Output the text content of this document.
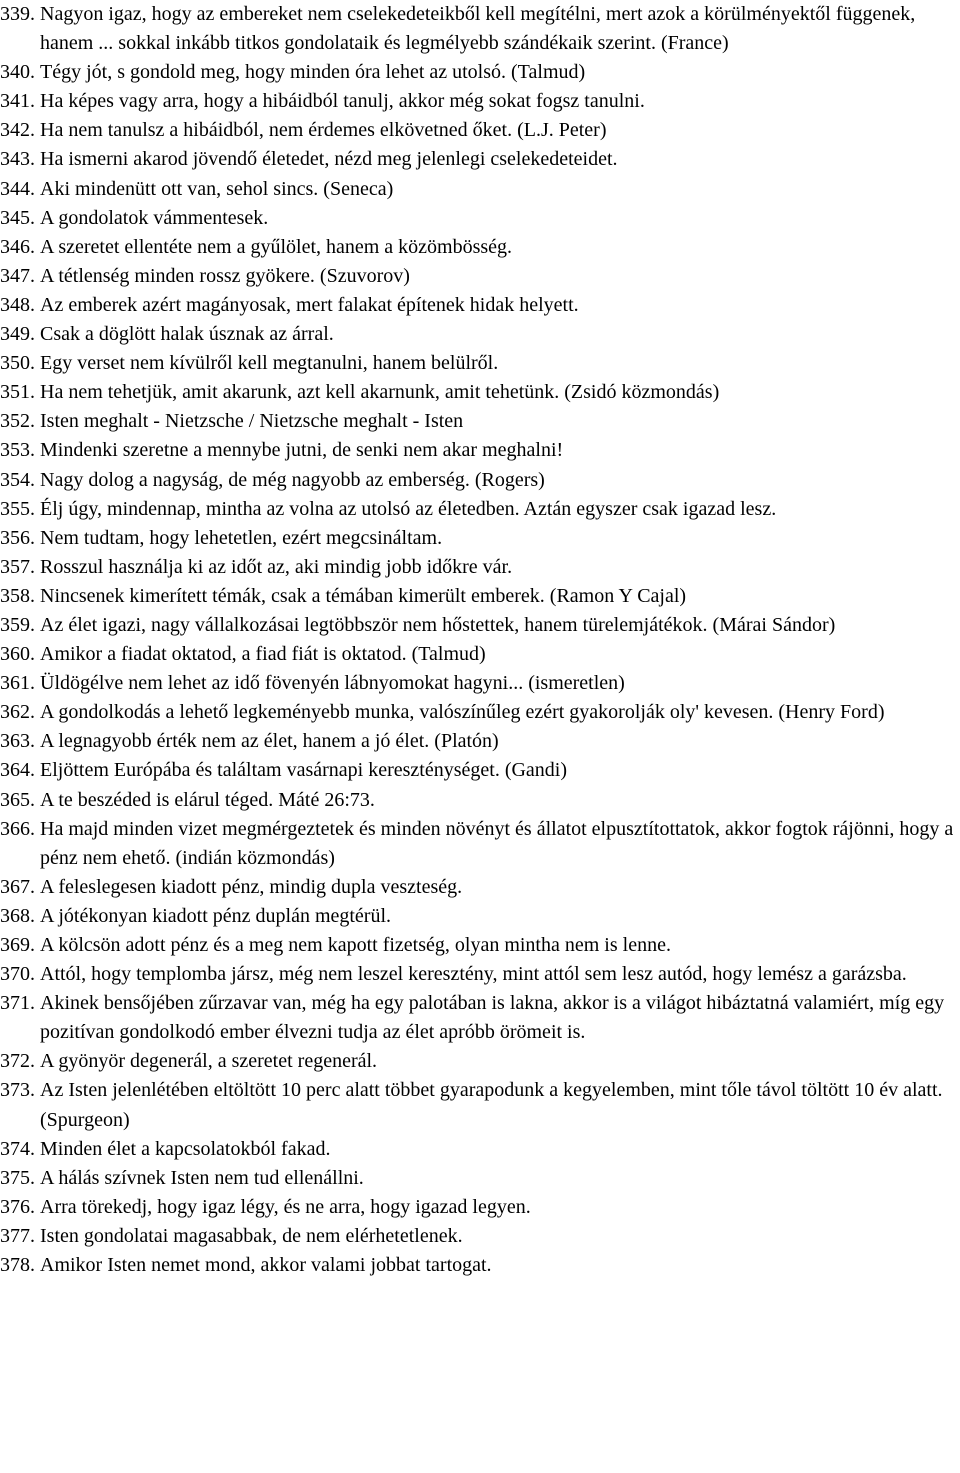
339. Nagyon igaz, hogy az embereket nem cselekedeteikből kell megítélni, mert azok a körülményektől függenek, hanem ... sokkal inkább titkos gondolataik és legmélyebb szándékaik szerint. (France)
340. Tégy jót, s gondold meg, hogy minden óra lehet az utolsó. (Talmud)
341. Ha képes vagy arra, hogy a hibáidból tanulj, akkor még sokat fogsz tanulni.
342. Ha nem tanulsz a hibáidból, nem érdemes elkövetned őket. (L.J. Peter)
343. Ha ismerni akarod jövendő életedet, nézd meg jelenlegi cselekedeteidet.
344. Aki mindenütt ott van, sehol sincs. (Seneca)
345. A gondolatok vámmentesek.
346. A szeretet ellentéte nem a gyűlölet, hanem a közömbösség.
347. A tétlenség minden rossz gyökere. (Szuvorov)
348. Az emberek azért magányosak, mert falakat építenek hidak helyett.
349. Csak a döglött halak úsznak az árral.
350. Egy verset nem kívülről kell megtanulni, hanem belülről.
351. Ha nem tehetjük, amit akarunk, azt kell akarnunk, amit tehetünk. (Zsidó közmondás)
352. Isten meghalt - Nietzsche / Nietzsche meghalt - Isten
353. Mindenki szeretne a mennybe jutni, de senki nem akar meghalni!
354. Nagy dolog a nagyság, de még nagyobb az emberség. (Rogers)
355. Élj úgy, mindennap, mintha az volna az utolsó az életedben. Aztán egyszer csak igazad lesz.
356. Nem tudtam, hogy lehetetlen, ezért megcsináltam.
357. Rosszul használja ki az időt az, aki mindig jobb időkre vár.
358. Nincsenek kimerített témák, csak a témában kimerült emberek. (Ramon Y Cajal)
359. Az élet igazi, nagy vállalkozásai legtöbbször nem hőstettek, hanem türelemjátékok. (Márai Sándor)
360. Amikor a fiadat oktatod, a fiad fiát is oktatod. (Talmud)
361. Üldögélve nem lehet az idő fövenyén lábnyomokat hagyni... (ismeretlen)
362. A gondolkodás a lehető legkeményebb munka, valószínűleg ezért gyakorolják oly' kevesen. (Henry Ford)
363. A legnagyobb érték nem az élet, hanem a jó élet. (Platón)
364. Eljöttem Európába és találtam vasárnapi kereszténységet. (Gandi)
365. A te beszéded is elárul téged. Máté 26:73.
366. Ha majd minden vizet megmérgeztetek és minden növényt és állatot elpusztítottatok, akkor fogtok rájönni, hogy a pénz nem ehető. (indián közmondás)
367. A feleslegesen kiadott pénz, mindig dupla veszteség.
368. A jótékonyan kiadott pénz duplán megtérül.
369. A kölcsön adott pénz és a meg nem kapott fizetség, olyan mintha nem is lenne.
370. Attól, hogy templomba jársz, még nem leszel keresztény, mint attól sem lesz autód, hogy lemész a garázsba.
371. Akinek bensőjében zűrzavar van, még ha egy palotában is lakna, akkor is a világot hibáztatná valamiért, míg egy pozitívan gondolkodó ember élvezni tudja az élet apróbb örömeit is.
372. A gyönyör degenerál, a szeretet regenerál.
373. Az Isten jelenlétében eltöltött 10 perc alatt többet gyarapodunk a kegyelemben, mint tőle távol töltött 10 év alatt. (Spurgeon)
374. Minden élet a kapcsolatokból fakad.
375. A hálás szívnek Isten nem tud ellenállni.
376. Arra törekedj, hogy igaz légy, és ne arra, hogy igazad legyen.
377. Isten gondolatai magasabbak, de nem elérhetetlenek.
378. Amikor Isten nemet mond, akkor valami jobbat tartogat.
